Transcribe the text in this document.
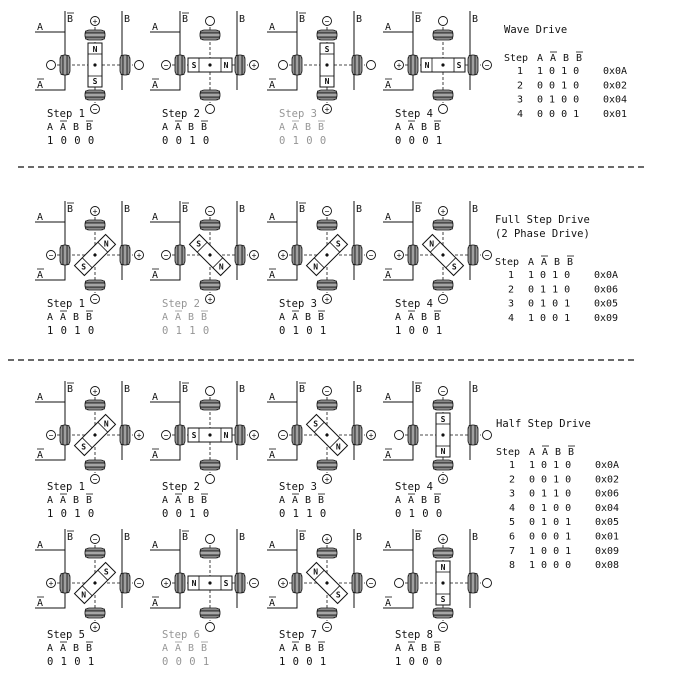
A
A
B	B
+
−
N
S
Step 1
A A B B
1 0 0 0
A
A
B	B
−	+
N
S
Step 2
A A B B
0 0 1 0
A
A
B	B
−
+
N
S
Step 3
A A B B
0 1 0 0
A
A
B	B
+	−
N	S
Step 4
A A B B
0 0 0 1
Wave Drive
Step A A B B
1 1 0 1 0 0x0A
2 0 0 1 0 0x02
3 0 1 0 0 0x04
4 0 0 0 1 0x01
A
A
B	B
+
−
−	+
N
S
Step 1
A A B B
1 0 1 0
A
A
B	B
−
+
−	+
N
S
Step 2
A A B B
0 1 1 0
A
A
B	B
−
+
+	−
N
S
Step 3
A A B B
0 1 0 1
A
A
B	B
+
−
+	−
N
S
Step 4
A A B B
1 0 0 1
Full Step Drive
(2 Phase Drive)
Step A A B B
1 1 0 1 0 0x0A
2 0 1 1 0 0x06
3 0 1 0 1 0x05
4 1 0 0 1 0x09
A
A
B	B
+
−
−	+
N
S
Step 1
A A B B
1 0 1 0
A
A
B	B
−	+
N
S
Step 2
A A B B
0 0 1 0
A
A
B	B
−
+
−	+
N
S
Step 3
A A B B
0 1 1 0
A
A
B	B
−
+
N
S
Step 4
A A B B
0 1 0 0
A
A
B	B
−
+
+	−
N
S
Step 5
A A B B
0 1 0 1
A
A
B	B
+	−
N	S
Step 6
A A B B
0 0 0 1
A
A
B	B
+
−
+	−
N
S
Step 7
A A B B
1 0 0 1
A
A
B	B
+
−
N
S
Step 8
A A B B
1 0 0 0
Half Step Drive
Step A A B B
1 1 0 1 0 0x0A
2 0 0 1 0 0x02
3 0 1 1 0 0x06
4 0 1 0 0 0x04
5 0 1 0 1 0x05
6 0 0 0 1 0x01
7 1 0 0 1 0x09
8 1 0 0 0 0x08
